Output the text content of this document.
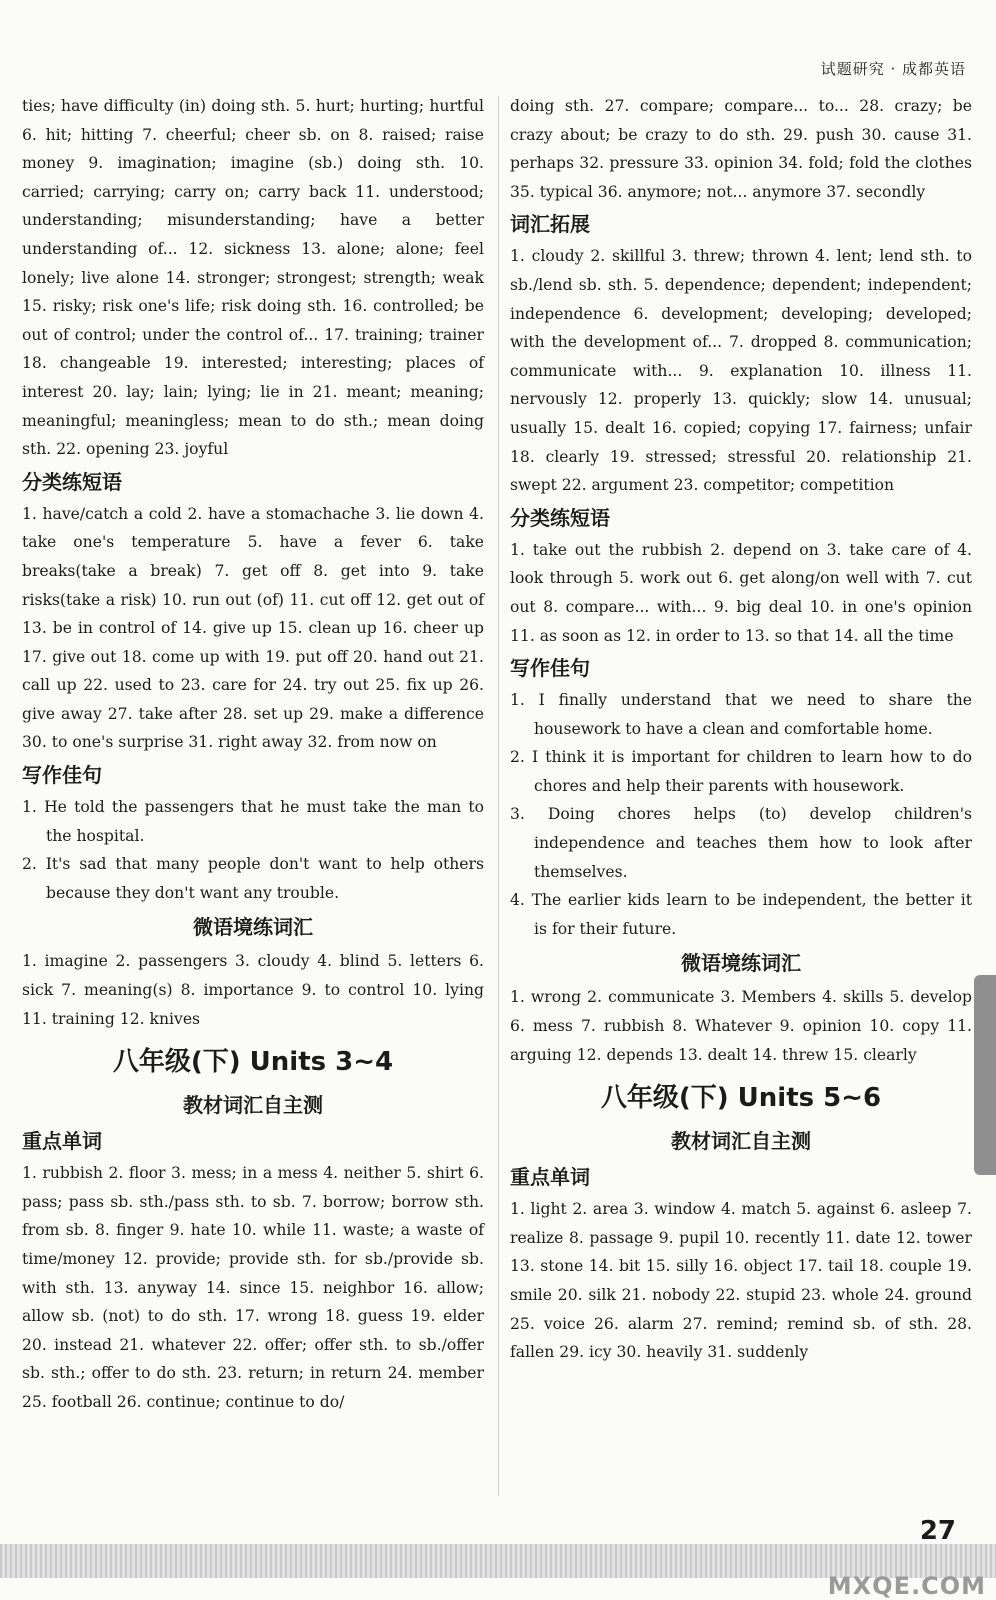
试题研究 · 成都英语
ties; have difficulty (in) doing sth. 5. hurt; hurting; hurtful 6. hit; hitting 7. cheerful; cheer sb. on 8. raised; raise money 9. imagination; imagine (sb.) doing sth. 10. carried; carrying; carry on; carry back 11. understood; understanding; misunderstanding; have a better understanding of... 12. sickness 13. alone; alone; feel lonely; live alone 14. stronger; strongest; strength; weak 15. risky; risk one's life; risk doing sth. 16. controlled; be out of control; under the control of... 17. training; trainer 18. changeable 19. interested; interesting; places of interest 20. lay; lain; lying; lie in 21. meant; meaning; meaningful; meaningless; mean to do sth.; mean doing sth. 22. opening 23. joyful
分类练短语
1. have/catch a cold 2. have a stomachache 3. lie down 4. take one's temperature 5. have a fever 6. take breaks(take a break) 7. get off 8. get into 9. take risks(take a risk) 10. run out (of) 11. cut off 12. get out of 13. be in control of 14. give up 15. clean up 16. cheer up 17. give out 18. come up with 19. put off 20. hand out 21. call up 22. used to 23. care for 24. try out 25. fix up 26. give away 27. take after 28. set up 29. make a difference 30. to one's surprise 31. right away 32. from now on
写作佳句
1. He told the passengers that he must take the man to the hospital.
2. It's sad that many people don't want to help others because they don't want any trouble.
微语境练词汇
1. imagine 2. passengers 3. cloudy 4. blind 5. letters 6. sick 7. meaning(s) 8. importance 9. to control 10. lying 11. training 12. knives
八年级(下) Units 3~4
教材词汇自主测
重点单词
1. rubbish 2. floor 3. mess; in a mess 4. neither 5. shirt 6. pass; pass sb. sth./pass sth. to sb. 7. borrow; borrow sth. from sb. 8. finger 9. hate 10. while 11. waste; a waste of time/money 12. provide; provide sth. for sb./provide sb. with sth. 13. anyway 14. since 15. neighbor 16. allow; allow sb. (not) to do sth. 17. wrong 18. guess 19. elder 20. instead 21. whatever 22. offer; offer sth. to sb./offer sb. sth.; offer to do sth. 23. return; in return 24. member 25. football 26. continue; continue to do/
doing sth. 27. compare; compare... to... 28. crazy; be crazy about; be crazy to do sth. 29. push 30. cause 31. perhaps 32. pressure 33. opinion 34. fold; fold the clothes 35. typical 36. anymore; not... anymore 37. secondly
词汇拓展
1. cloudy 2. skillful 3. threw; thrown 4. lent; lend sth. to sb./lend sb. sth. 5. dependence; dependent; independent; independence 6. development; developing; developed; with the development of... 7. dropped 8. communication; communicate with... 9. explanation 10. illness 11. nervously 12. properly 13. quickly; slow 14. unusual; usually 15. dealt 16. copied; copying 17. fairness; unfair 18. clearly 19. stressed; stressful 20. relationship 21. swept 22. argument 23. competitor; competition
分类练短语
1. take out the rubbish 2. depend on 3. take care of 4. look through 5. work out 6. get along/on well with 7. cut out 8. compare... with... 9. big deal 10. in one's opinion 11. as soon as 12. in order to 13. so that 14. all the time
写作佳句
1. I finally understand that we need to share the housework to have a clean and comfortable home.
2. I think it is important for children to learn how to do chores and help their parents with housework.
3. Doing chores helps (to) develop children's independence and teaches them how to look after themselves.
4. The earlier kids learn to be independent, the better it is for their future.
微语境练词汇
1. wrong 2. communicate 3. Members 4. skills 5. develop 6. mess 7. rubbish 8. Whatever 9. opinion 10. copy 11. arguing 12. depends 13. dealt 14. threw 15. clearly
八年级(下) Units 5~6
教材词汇自主测
重点单词
1. light 2. area 3. window 4. match 5. against 6. asleep 7. realize 8. passage 9. pupil 10. recently 11. date 12. tower 13. stone 14. bit 15. silly 16. object 17. tail 18. couple 19. smile 20. silk 21. nobody 22. stupid 23. whole 24. ground 25. voice 26. alarm 27. remind; remind sb. of sth. 28. fallen 29. icy 30. heavily 31. suddenly
27
MXQE.COM
